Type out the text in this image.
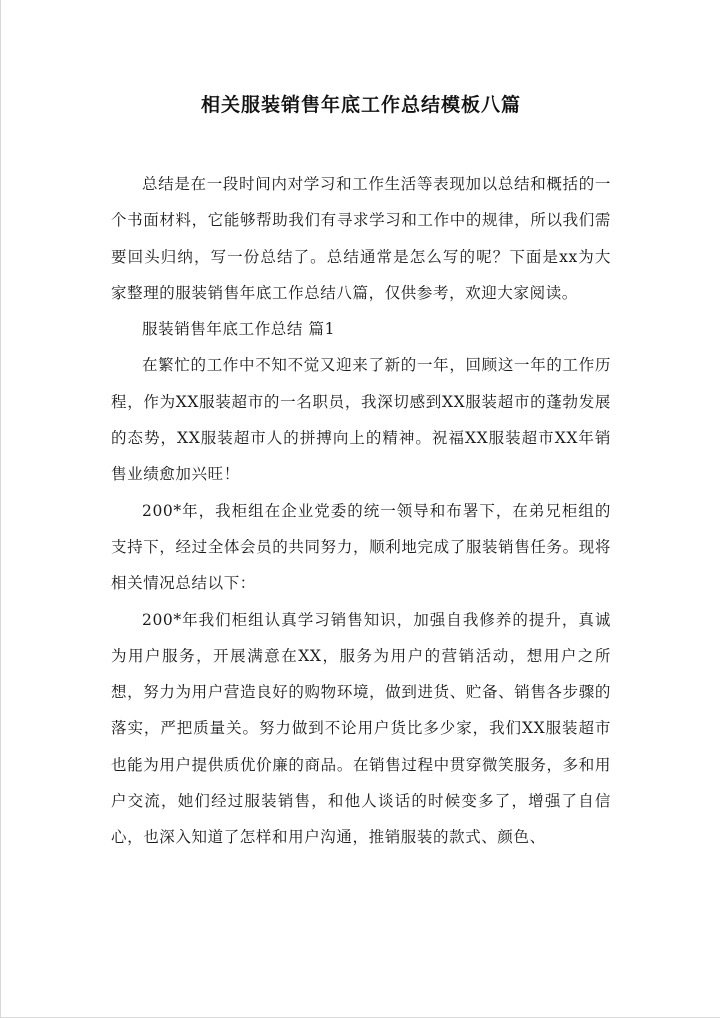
相关服装销售年底工作总结模板八篇

总结是在一段时间内对学习和工作生活等表现加以总结和概括的一个书面材料，它能够帮助我们有寻求学习和工作中的规律，所以我们需要回头归纳，写一份总结了。总结通常是怎么写的呢？下面是xx为大家整理的服装销售年底工作总结八篇，仅供参考，欢迎大家阅读。

服装销售年底工作总结 篇1

在繁忙的工作中不知不觉又迎来了新的一年，回顾这一年的工作历程，作为XX服装超市的一名职员，我深切感到XX服装超市的蓬勃发展的态势，XX服装超市人的拼搏向上的精神。祝福XX服装超市XX年销售业绩愈加兴旺！

200*年，我柜组在企业党委的统一领导和布署下，在弟兄柜组的支持下，经过全体会员的共同努力，顺利地完成了服装销售任务。现将相关情况总结以下：

200*年我们柜组认真学习销售知识，加强自我修养的提升，真诚为用户服务，开展满意在XX，服务为用户的营销活动，想用户之所想，努力为用户营造良好的购物环境，做到进货、贮备、销售各步骤的落实，严把质量关。努力做到不论用户货比多少家，我们XX服装超市也能为用户提供质优价廉的商品。在销售过程中贯穿微笑服务，多和用户交流，她们经过服装销售，和他人谈话的时候变多了，增强了自信心，也深入知道了怎样和用户沟通，推销服装的款式、颜色、
